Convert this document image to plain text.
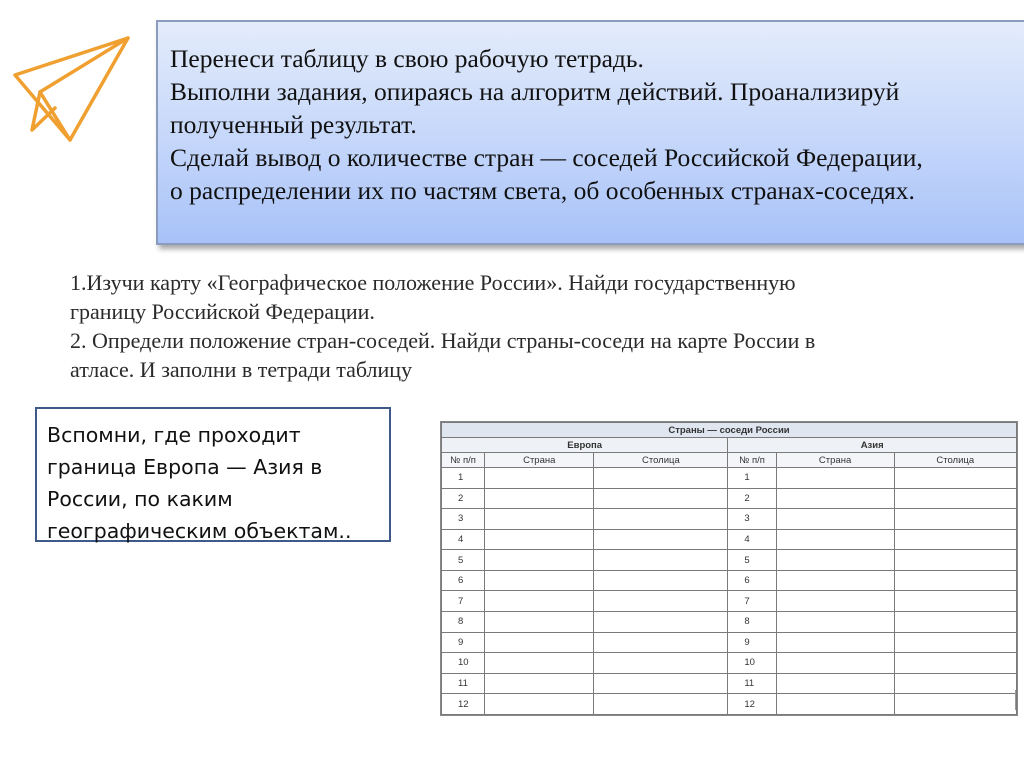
Перенеси таблицу в свою рабочую тетрадь.

Выполни задания, опираясь на алгоритм действий. Проанализируй

полученный результат.

Сделай вывод о количестве стран — соседей Российской Федерации,

о распределении их по частям света, об особенных странах-соседях.

1.Изучи карту «Географическое положение России». Найди государственную

границу Российской Федерации.

2. Определи положение стран-соседей. Найди страны-соседи на карте России в

атласе. И заполни в тетради таблицу

Вспомни, где проходит

граница Европа — Азия в

России, по каким

географическим объектам..

Страны — соседи России					
Европа			Азия		
№ п/п	Страна	Столица	№ п/п	Страна	Столица
1			1		
2			2		
3			3		
4			4		
5			5		
6			6		
7			7		
8			8		
9			9		
10			10		
11			11		
12			12		
